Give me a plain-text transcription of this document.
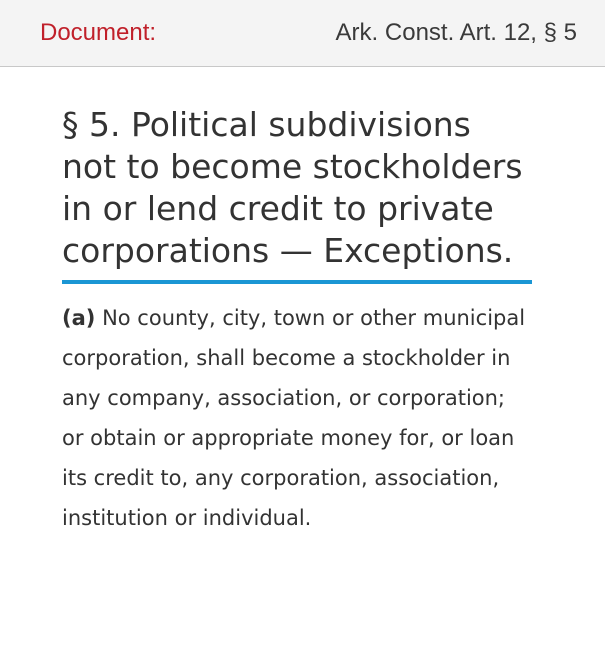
Document:	Ark. Const. Art. 12, § 5
§ 5. Political subdivisions not to become stockholders in or lend credit to private corporations — Exceptions.

(a) No county, city, town or other municipal corporation, shall become a stockholder in any company, association, or corporation; or obtain or appropriate money for, or loan its credit to, any corporation, association, institution or individual.
